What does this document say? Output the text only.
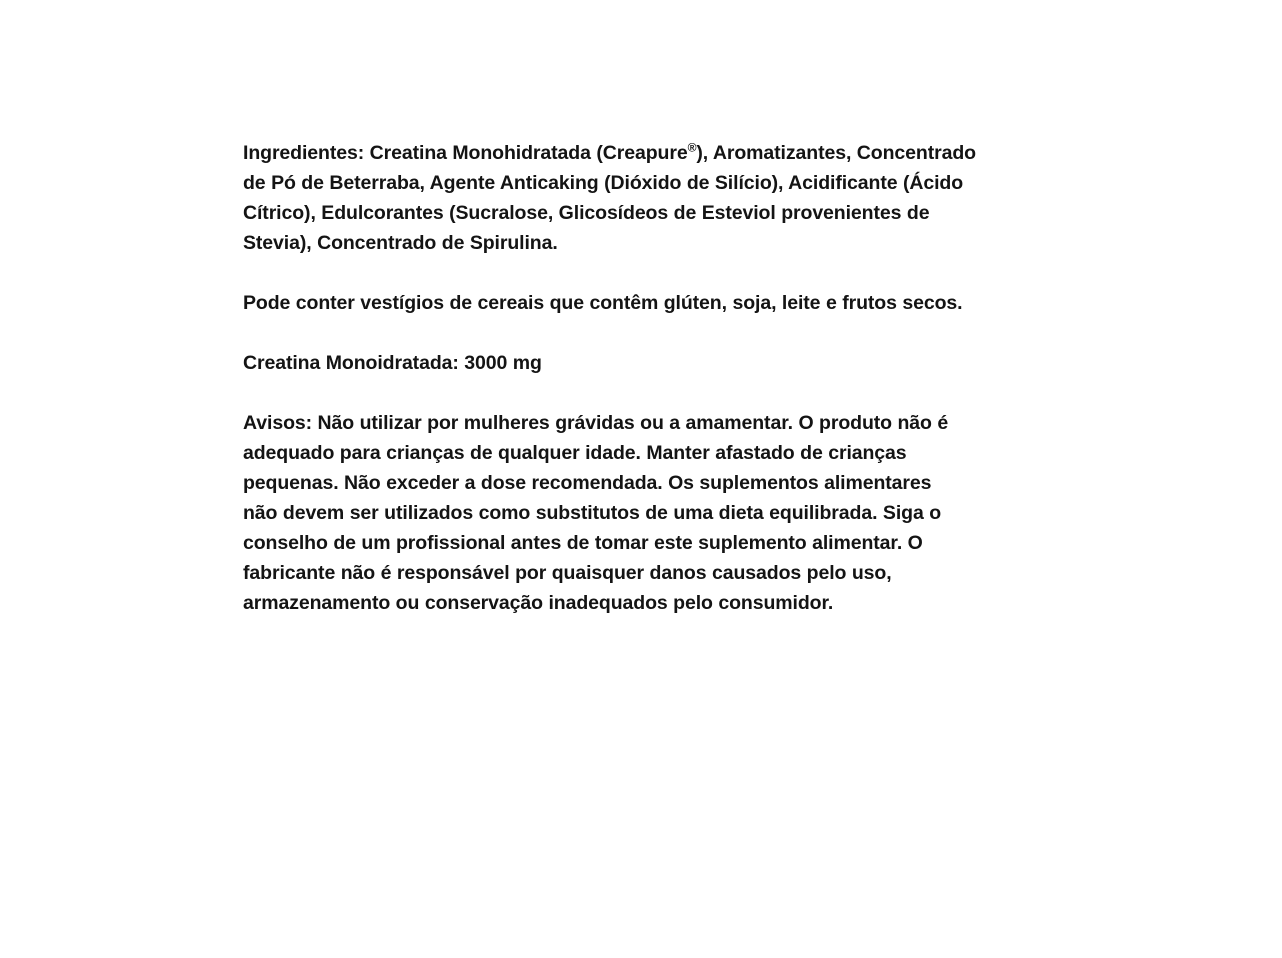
Ingredientes: Creatina Monohidratada (Creapure®), Aromatizantes, Concentrado de Pó de Beterraba, Agente Anticaking (Dióxido de Silício), Acidificante (Ácido Cítrico), Edulcorantes (Sucralose, Glicosídeos de Esteviol provenientes de Stevia), Concentrado de Spirulina.

Pode conter vestígios de cereais que contêm glúten, soja, leite e frutos secos.

Creatina Monoidratada: 3000 mg

Avisos: Não utilizar por mulheres grávidas ou a amamentar. O produto não é adequado para crianças de qualquer idade. Manter afastado de crianças pequenas. Não exceder a dose recomendada. Os suplementos alimentares não devem ser utilizados como substitutos de uma dieta equilibrada. Siga o conselho de um profissional antes de tomar este suplemento alimentar. O fabricante não é responsável por quaisquer danos causados pelo uso, armazenamento ou conservação inadequados pelo consumidor.
